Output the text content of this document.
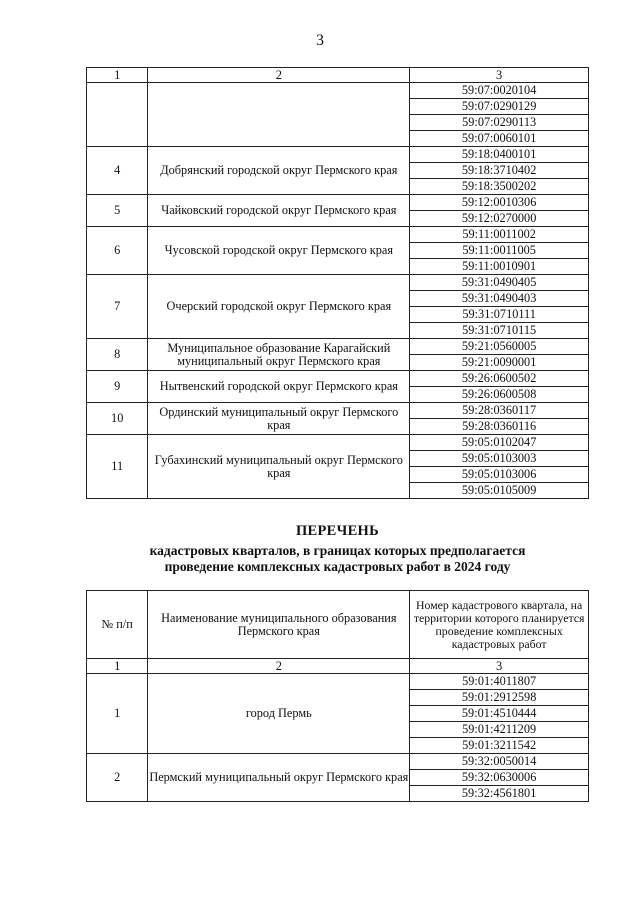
3
1	2	3
		59:07:0020104
		59:07:0290129
		59:07:0290113
		59:07:0060101
4	Добрянский городской округ Пермского края	59:18:0400101
		59:18:3710402
		59:18:3500202
5	Чайковский городской округ Пермского края	59:12:0010306
		59:12:0270000
6	Чусовской городской округ Пермского края	59:11:0011002
		59:11:0011005
		59:11:0010901
7	Очерский городской округ Пермского края	59:31:0490405
		59:31:0490403
		59:31:0710111
		59:31:0710115
8	Муниципальное образование Карагайский муниципальный округ Пермского края	59:21:0560005
		59:21:0090001
9	Нытвенский городской округ Пермского края	59:26:0600502
		59:26:0600508
10	Ординский муниципальный округ Пермского края	59:28:0360117
		59:28:0360116
11	Губахинский муниципальный округ Пермского края	59:05:0102047
		59:05:0103003
		59:05:0103006
		59:05:0105009
ПЕРЕЧЕНЬ
кадастровых кварталов, в границах которых предполагается
проведение комплексных кадастровых работ в 2024 году
№ п/п	Наименование муниципального образования Пермского края	Номер кадастрового квартала, на территории которого планируется проведение комплексных кадастровых работ
1	2	3
1	город Пермь	59:01:4011807
		59:01:2912598
		59:01:4510444
		59:01:4211209
		59:01:3211542
2	Пермский муниципальный округ Пермского края	59:32:0050014
		59:32:0630006
		59:32:4561801
